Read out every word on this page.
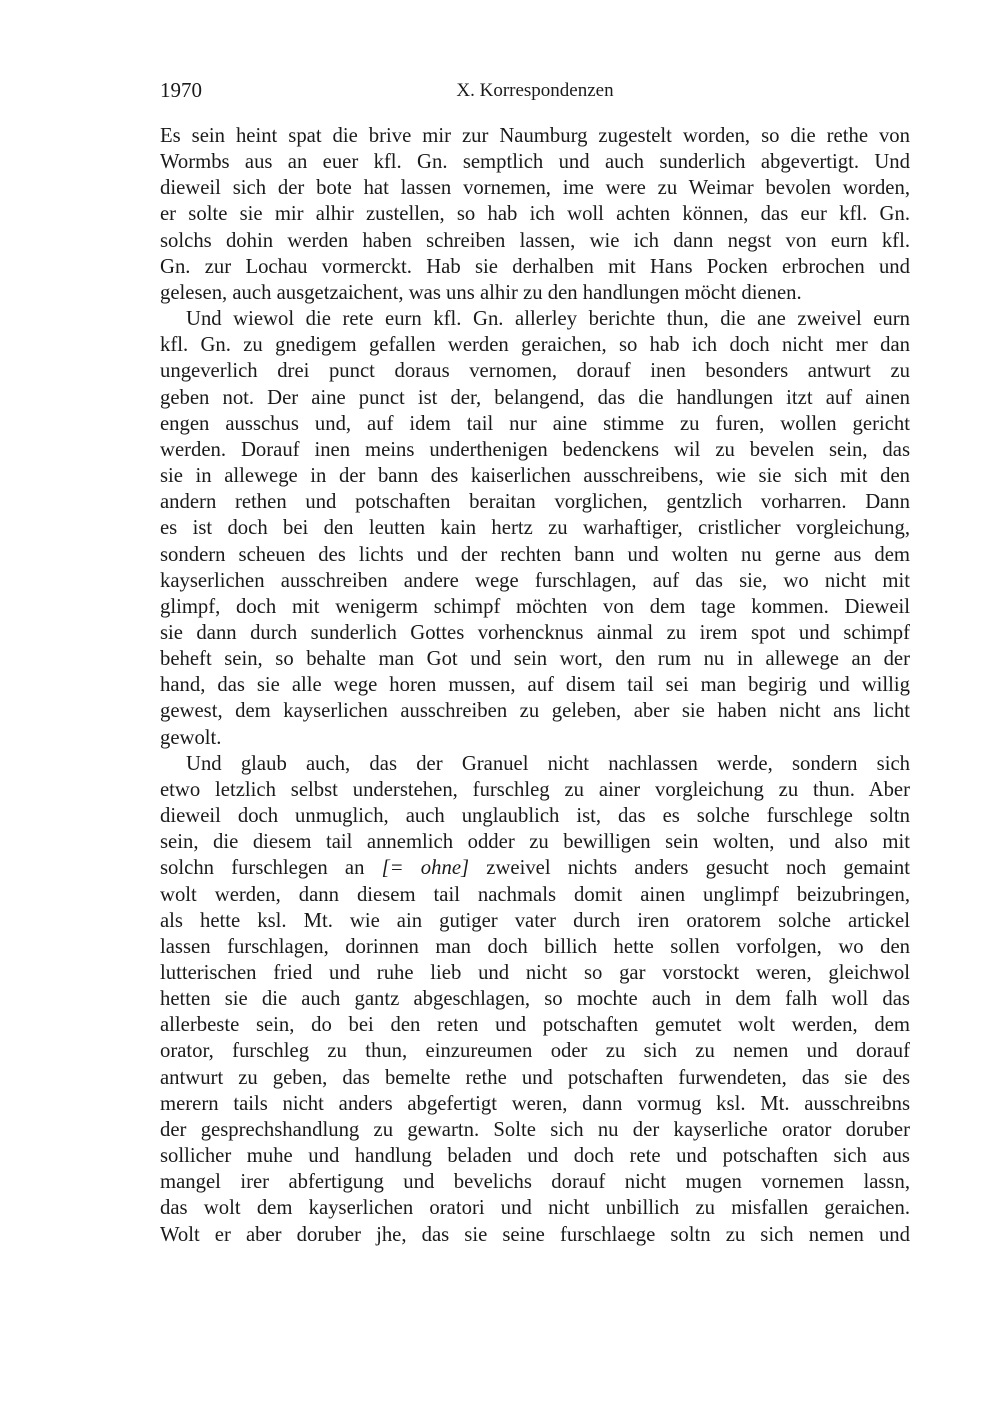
1970	X. Korrespondenzen

Es sein heint spat die brive mir zur Naumburg zugestelt worden, so die rethe von
Wormbs aus an euer kfl. Gn. semptlich und auch sunderlich abgevertigt. Und
dieweil sich der bote hat lassen vornemen, ime were zu Weimar bevolen worden,
er solte sie mir alhir zustellen, so hab ich woll achten können, das eur kfl. Gn.
solchs dohin werden haben schreiben lassen, wie ich dann negst von eurn kfl.
Gn. zur Lochau vormerckt. Hab sie derhalben mit Hans Pocken erbrochen und
gelesen, auch ausgetzaichent, was uns alhir zu den handlungen möcht dienen.

Und wiewol die rete eurn kfl. Gn. allerley berichte thun, die ane zweivel eurn
kfl. Gn. zu gnedigem gefallen werden geraichen, so hab ich doch nicht mer dan
ungeverlich drei punct doraus vernomen, dorauf inen besonders antwurt zu
geben not. Der aine punct ist der, belangend, das die handlungen itzt auf ainen
engen ausschus und, auf idem tail nur aine stimme zu furen, wollen gericht
werden. Dorauf inen meins underthenigen bedenckens wil zu bevelen sein, das
sie in allewege in der bann des kaiserlichen ausschreibens, wie sie sich mit den
andern rethen und potschaften beraitan vorglichen, gentzlich vorharren. Dann
es ist doch bei den leutten kain hertz zu warhaftiger, cristlicher vorgleichung,
sondern scheuen des lichts und der rechten bann und wolten nu gerne aus dem
kayserlichen ausschreiben andere wege furschlagen, auf das sie, wo nicht mit
glimpf, doch mit wenigerm schimpf möchten von dem tage kommen. Dieweil
sie dann durch sunderlich Gottes vorhencknus ainmal zu irem spot und schimpf
beheft sein, so behalte man Got und sein wort, den rum nu in allewege an der
hand, das sie alle wege horen mussen, auf disem tail sei man begirig und willig
gewest, dem kayserlichen ausschreiben zu geleben, aber sie haben nicht ans licht
gewolt.

Und glaub auch, das der Granuel nicht nachlassen werde, sondern sich
etwo letzlich selbst understehen, furschleg zu ainer vorgleichung zu thun. Aber
dieweil doch unmuglich, auch unglaublich ist, das es solche furschlege soltn
sein, die diesem tail annemlich odder zu bewilligen sein wolten, und also mit
solchn furschlegen an [= ohne] zweivel nichts anders gesucht noch gemaint
wolt werden, dann diesem tail nachmals domit ainen unglimpf beizubringen,
als hette ksl. Mt. wie ain gutiger vater durch iren oratorem solche artickel
lassen furschlagen, dorinnen man doch billich hette sollen vorfolgen, wo den
lutterischen fried und ruhe lieb und nicht so gar vorstockt weren, gleichwol
hetten sie die auch gantz abgeschlagen, so mochte auch in dem falh woll das
allerbeste sein, do bei den reten und potschaften gemutet wolt werden, dem
orator, furschleg zu thun, einzureumen oder zu sich zu nemen und dorauf
antwurt zu geben, das bemelte rethe und potschaften furwendeten, das sie des
merern tails nicht anders abgefertigt weren, dann vormug ksl. Mt. ausschreibns
der gesprechshandlung zu gewartn. Solte sich nu der kayserliche orator doruber
sollicher muhe und handlung beladen und doch rete und potschaften sich aus
mangel irer abfertigung und bevelichs dorauf nicht mugen vornemen lassn,
das wolt dem kayserlichen oratori und nicht unbillich zu misfallen geraichen.
Wolt er aber doruber jhe, das sie seine furschlaege soltn zu sich nemen und
